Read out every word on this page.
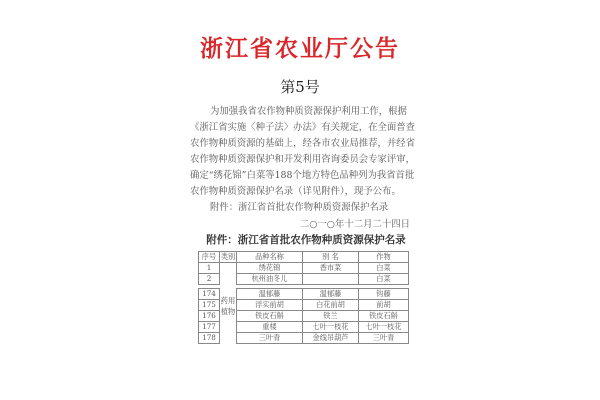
浙江省农业厅公告
第5号

为加强我省农作物种质资源保护利用工作，根据《浙江省实施〈种子法〉办法》有关规定，在全面普查农作物种质资源的基础上，经各市农业局推荐，并经省农作物种质资源保护和开发利用咨询委员会专家评审，确定“绣花锦”白菜等188个地方特色品种列为我省首批农作物种质资源保护名录（详见附件），现予公布。

附件：浙江省首批农作物种质资源保护名录
二○一○年十二月二十四日
附件：浙江省首批农作物种质资源保护名录
序号	类别	品种名称	别 名	作物
1		绣花锦	香市菜	白菜
2		杭州油冬儿		白菜
174	药用植物	温郁藤	温郁藤	钩藤
175		浮实前胡	白花前胡	前胡
176		铁皮石斛	铁兰	铁皮石斛
177		重楼	七叶一枝花	七叶一枝花
178		三叶青	金线吊葫芦	三叶青
